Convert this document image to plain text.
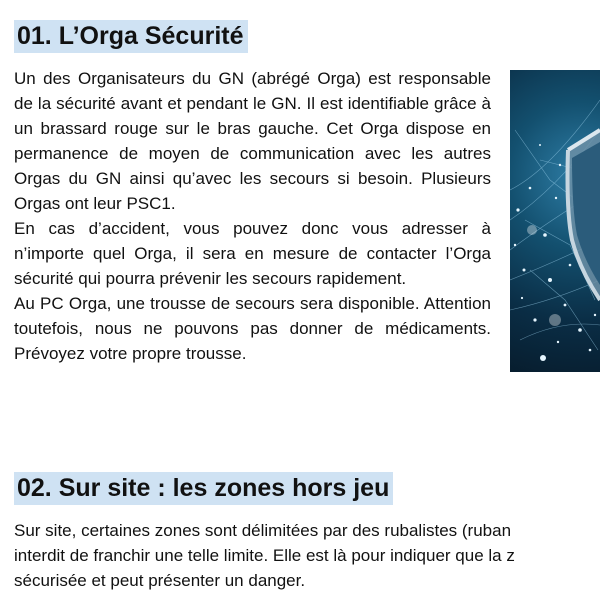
01. L’Orga Sécurité

Un des Organisateurs du GN (abrégé Orga) est responsable de la sécurité avant et pendant le GN. Il est identifiable grâce à un brassard rouge sur le bras gauche. Cet Orga dispose en permanence de moyen de communication avec les autres Orgas du GN ainsi qu’avec les secours si besoin. Plusieurs Orgas ont leur PSC1.

En cas d’accident, vous pouvez donc vous adresser à n’importe quel Orga, il sera en mesure de contacter l’Orga sécurité qui pourra prévenir les secours rapidement.

Au PC Orga, une trousse de secours sera disponible. Attention toutefois, nous ne pouvons pas donner de médicaments. Prévoyez votre propre trousse.

02. Sur site : les zones hors jeu

Sur site, certaines zones sont délimitées par des rubalistes (ruban

interdit de franchir une telle limite. Elle est là pour indiquer que la z

sécurisée et peut présenter un danger.
